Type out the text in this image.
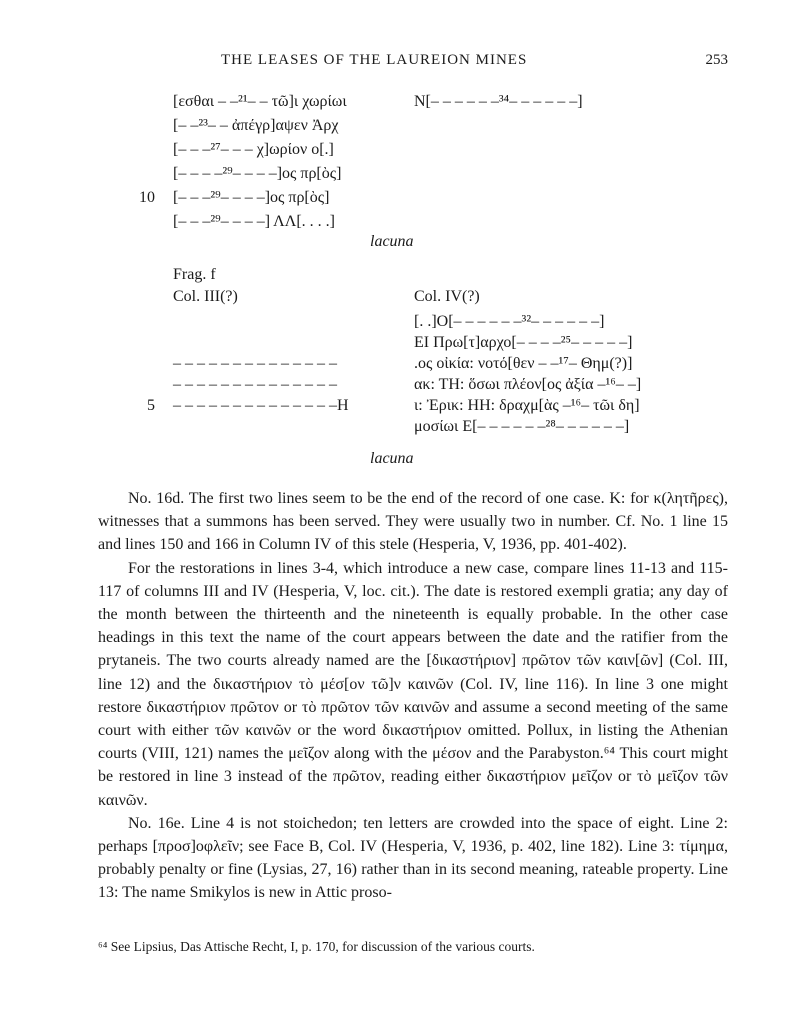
THE LEASES OF THE LAUREION MINES	253
[εσθαι – –²¹– – τῶ]ι χωρίωι
[– –²³– – ἀπέγρ]αψεν Ἀρχ
[– – –²⁷– – – χ]ωρίον ο[.]
[– – – –²⁹– – – –]ος πρ[ὸς]
10 [– – –²⁹– – – –]ος πρ[ὸς]
[– – –²⁹– – – –] ΛΛ[. . . .]
N[– – – – – –³⁴– – – – – –]
lacuna
Frag. f
Col. III(?)	Col. IV(?)
[. .]Ο[– – – – – –³²– – – – – –]
ΕΙ Πρω[τ]αρχο[– – – –²⁵– – – – –]
.ος οἰκία: νοτό[θεν – –¹⁷– Θημ(?)]
ακ: ΤΗ: ὅσωι πλέον[ος ἀξία –¹⁶– –]
ι: Ἐρικ: ΗΗ: δραχμ[ὰς –¹⁶– τῶι δη]
μοσίωι Ε[– – – – – –²⁸– – – – – –]
– – – – – – – – – – – – – –
– – – – – – – – – – – – – –
5 – – – – – – – – – – – – – –H
lacuna

No. 16d. The first two lines seem to be the end of the record of one case. K: for κ(λητῆρες), witnesses that a summons has been served. They were usually two in number. Cf. No. 1 line 15 and lines 150 and 166 in Column IV of this stele (Hesperia, V, 1936, pp. 401-402).

For the restorations in lines 3-4, which introduce a new case, compare lines 11-13 and 115-117 of columns III and IV (Hesperia, V, loc. cit.). The date is restored exempli gratia; any day of the month between the thirteenth and the nineteenth is equally probable. In the other case headings in this text the name of the court appears between the date and the ratifier from the prytaneis. The two courts already named are the [δικαστήριον] πρῶτον τῶν καιν[ῶν] (Col. III, line 12) and the δικαστήριον τὸ μέσ[ον τῶ]ν καινῶν (Col. IV, line 116). In line 3 one might restore δικαστήριον πρῶτον or τὸ πρῶτον τῶν καινῶν and assume a second meeting of the same court with either τῶν καινῶν or the word δικαστήριον omitted. Pollux, in listing the Athenian courts (VIII, 121) names the μεῖζον along with the μέσον and the Parabyston.⁶⁴ This court might be restored in line 3 instead of the πρῶτον, reading either δικαστήριον μεῖζον or τὸ μεῖζον τῶν καινῶν.

No. 16e. Line 4 is not stoichedon; ten letters are crowded into the space of eight. Line 2: perhaps [προσ]οφλεῖν; see Face B, Col. IV (Hesperia, V, 1936, p. 402, line 182). Line 3: τίμημα, probably penalty or fine (Lysias, 27, 16) rather than in its second meaning, rateable property. Line 13: The name Smikylos is new in Attic proso-

⁶⁴ See Lipsius, Das Attische Recht, I, p. 170, for discussion of the various courts.
